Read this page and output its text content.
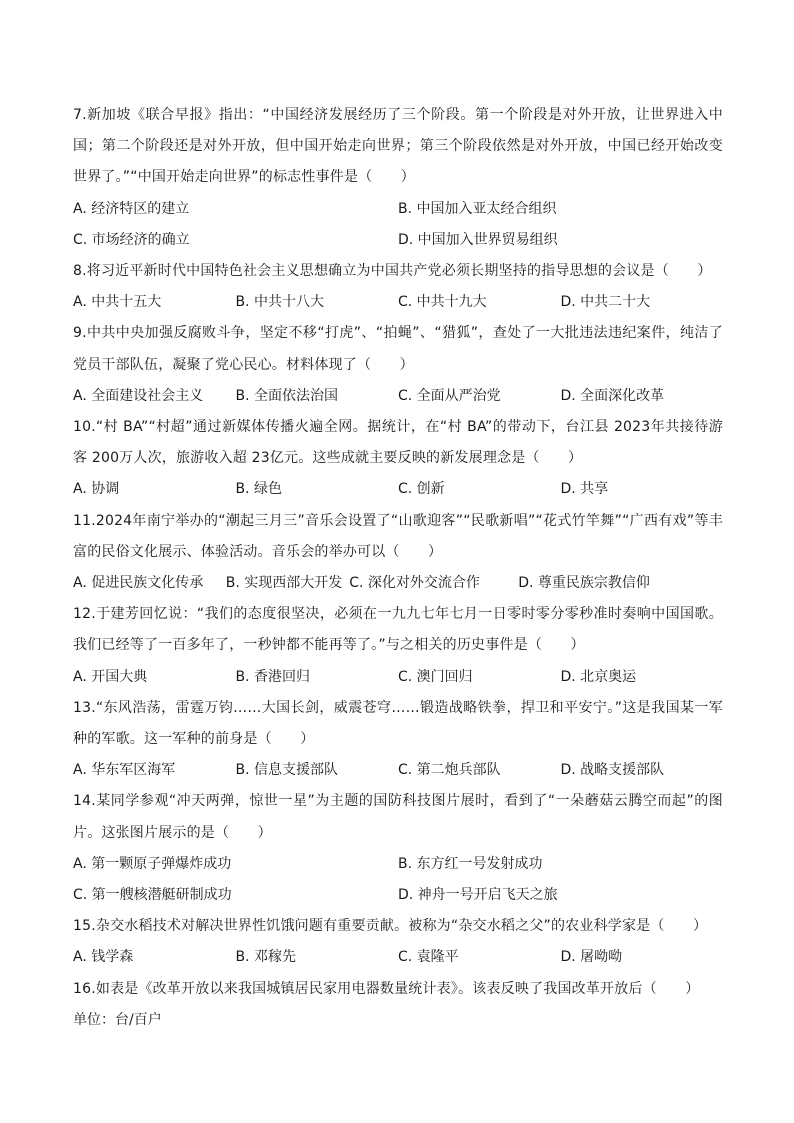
7.新加坡《联合早报》指出：“中国经济发展经历了三个阶段。第一个阶段是对外开放，让世界进入中国；第二个阶段还是对外开放，但中国开始走向世界；第三个阶段依然是对外开放，中国已经开始改变世界了。”“中国开始走向世界”的标志性事件是（　　）

A. 经济特区的建立	B. 中国加入亚太经合组织
C. 市场经济的确立	D. 中国加入世界贸易组织

8.将习近平新时代中国特色社会主义思想确立为中国共产党必须长期坚持的指导思想的会议是（　　）

A. 中共十五大	B. 中共十八大	C. 中共十九大	D. 中共二十大

9.中共中央加强反腐败斗争，坚定不移“打虎”、“拍蝇”、“猎狐”，查处了一大批违法违纪案件，纯洁了党员干部队伍，凝聚了党心民心。材料体现了（　　）

A. 全面建设社会主义	B. 全面依法治国	C. 全面从严治党	D. 全面深化改革

10.“村 BA”“村超”通过新媒体传播火遍全网。据统计，在“村 BA”的带动下，台江县 2023年共接待游客 200万人次，旅游收入超 23亿元。这些成就主要反映的新发展理念是（　　）

A. 协调	B. 绿色	C. 创新	D. 共享

11.2024年南宁举办的“潮起三月三”音乐会设置了“山歌迎客”“民歌新唱”“花式竹竿舞”“广西有戏”等丰富的民俗文化展示、体验活动。音乐会的举办可以（　　）

A. 促进民族文化传承	B. 实现西部大开发 C. 深化对外交流合作	D. 尊重民族宗教信仰

12.于建芳回忆说：“我们的态度很坚决，必须在一九九七年七月一日零时零分零秒准时奏响中国国歌。我们已经等了一百多年了，一秒钟都不能再等了。”与之相关的历史事件是（　　）

A. 开国大典	B. 香港回归	C. 澳门回归	D. 北京奥运

13.“东风浩荡，雷霆万钧……大国长剑，威震苍穹……锻造战略铁拳，捍卫和平安宁。”这是我国某一军种的军歌。这一军种的前身是（　　）

A. 华东军区海军	B. 信息支援部队	C. 第二炮兵部队	D. 战略支援部队

14.某同学参观“冲天两弹，惊世一星”为主题的国防科技图片展时，看到了“一朵蘑菇云腾空而起”的图片。这张图片展示的是（　　）

A. 第一颗原子弹爆炸成功	B. 东方红一号发射成功
C. 第一艘核潜艇研制成功	D. 神舟一号开启飞天之旅

15.杂交水稻技术对解决世界性饥饿问题有重要贡献。被称为“杂交水稻之父”的农业科学家是（　　）

A. 钱学森	B. 邓稼先	C. 袁隆平	D. 屠呦呦

16.如表是《改革开放以来我国城镇居民家用电器数量统计表》。该表反映了我国改革开放后（　　）

单位：台/百户
